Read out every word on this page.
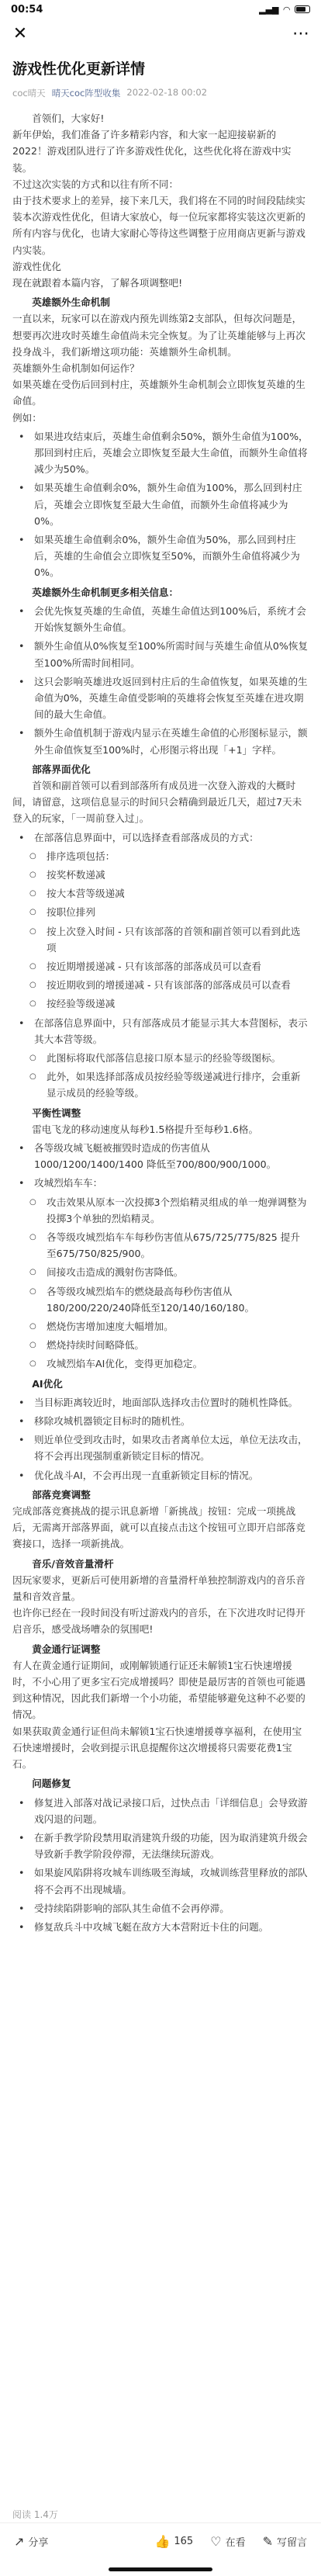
00:54	▂▄▆ ◠
✕	⋯
游戏性优化更新详情
coc晴天 晴天coc阵型收集 2022-02-18 00:02
首领们，大家好!
新年伊始，我们准备了许多精彩内容，和大家一起迎接崭新的2022！游戏团队进行了许多游戏性优化，这些优化将在游戏中实装。
不过这次实装的方式和以往有所不同：
由于技术要求上的差异，接下来几天，我们将在不同的时间段陆续实装本次游戏性优化，但请大家放心，每一位玩家都将实装这次更新的所有内容与优化，也请大家耐心等待这些调整于应用商店更新与游戏内实装。
游戏性优化
现在就跟着本篇内容，了解各项调整吧!
英雄额外生命机制
一直以来，玩家可以在游戏内预先训练第2支部队，但每次问题是，想要再次进攻时英雄生命值尚未完全恢复。为了让英雄能够与上再次投身战斗，我们新增这项功能：英雄额外生命机制。
英雄额外生命机制如何运作？
如果英雄在受伤后回到村庄，英雄额外生命机制会立即恢复英雄的生命值。
例如：
• 如果进攻结束后，英雄生命值剩余50%，额外生命值为100%，那回到村庄后，英雄会立即恢复至最大生命值，而额外生命值将减少为50%。
• 如果英雄生命值剩余0%，额外生命值为100%，那么回到村庄后，英雄会立即恢复至最大生命值，而额外生命值将减少为0%。
• 如果英雄生命值剩余0%，额外生命值为50%，那么回到村庄后，英雄的生命值会立即恢复至50%，而额外生命值将减少为0%。
英雄额外生命机制更多相关信息：
• 会优先恢复英雄的生命值，英雄生命值达到100%后，系统才会开始恢复额外生命值。
• 额外生命值从0%恢复至100%所需时间与英雄生命值从0%恢复至100%所需时间相同。
• 这只会影响英雄进攻返回到村庄后的生命值恢复，如果英雄的生命值为0%，英雄生命值受影响的英雄将会恢复至英雄在进攻期间的最大生命值。
• 额外生命值机制于游戏内显示在英雄生命值的心形图标显示，额外生命值恢复至100%时，心形图示将出现「+1」字样。
部落界面优化
首领和副首领可以看到部落所有成员进一次登入游戏的大概时间，请留意，这项信息显示的时间只会精确到最近几天，超过7天未登入的玩家，「一周前登入过」。
• 在部落信息界面中，可以选择查看部落成员的方式：
○ 排序选项包括：
○ 按奖杯数递减
○ 按大本营等级递减
○ 按职位排列
○ 按上次登入时间 - 只有该部落的首领和副首领可以看到此选项
○ 按近期增援递减 - 只有该部落的部落成员可以查看
○ 按近期收到的增援递减 - 只有该部落的部落成员可以查看
○ 按经验等级递减
• 在部落信息界面中，只有部落成员才能显示其大本营图标，表示其大本营等级。
○ 此图标将取代部落信息接口原本显示的经验等级图标。
○ 此外，如果选择部落成员按经验等级递减进行排序，会重新显示成员的经验等级。
平衡性调整
雷电飞龙的移动速度从每秒1.5格提升至每秒1.6格。
• 各等级攻城飞艇被摧毁时造成的伤害值从1000/1200/1400/1400 降低至700/800/900/1000。
• 攻城烈焰车车：
○ 攻击效果从原本一次投掷3个烈焰精灵组成的单一炮弹调整为投掷3个单独的烈焰精灵。
○ 各等级攻城烈焰车车每秒伤害值从675/725/775/825 提升至675/750/825/900。
○ 间接攻击造成的溅射伤害降低。
○ 各等级攻城烈焰车的燃烧最高每秒伤害值从180/200/220/240降低至120/140/160/180。
○ 燃烧伤害增加速度大幅增加。
○ 燃烧持续时间略降低。
○ 攻城烈焰车AI优化，变得更加稳定。
AI优化
• 当目标距离较近时，地面部队选择攻击位置时的随机性降低。
• 移除攻城机器锁定目标时的随机性。
• 则近单位受到攻击时，如果攻击者离单位太远，单位无法攻击，将不会再出现强制重新锁定目标的情况。
• 优化战斗AI，不会再出现一直重新锁定目标的情况。
部落竞赛调整
完成部落竞赛挑战的提示讯息新增「新挑战」按钮：完成一项挑战后，无需离开部落界面，就可以直接点击这个按钮可立即开启部落竞赛接口，选择一项新挑战。
音乐/音效音量滑杆
因玩家要求，更新后可使用新增的音量滑杆单独控制游戏内的音乐音量和音效音量。
也许你已经在一段时间没有听过游戏内的音乐，在下次进攻时记得开启音乐，感受战场嘈杂的氛围吧!
黄金通行证调整
有人在黄金通行证期间，或刚解锁通行证还未解锁1宝石快速增援时，不小心用了更多宝石完成增援吗？即使是最厉害的首领也可能遇到这种情况，因此我们新增一个小功能，希望能够避免这种不必要的情况。
如果获取黄金通行证但尚未解锁1宝石快速增援尊享福利，在使用宝石快速增援时，会收到提示讯息提醒你这次增援将只需要花费1宝石。
问题修复
• 修复进入部落对战记录接口后，过快点击「详细信息」会导致游戏闪退的问题。
• 在新手教学阶段禁用取消建筑升级的功能，因为取消建筑升级会导致新手教学阶段停滞，无法继续玩游戏。
• 如果旋风陷阱将攻城车训练吸至海域，攻城训练营里释放的部队将不会再不出现城墙。
• 受持续陷阱影响的部队其生命值不会再停滞。
• 修复敌兵斗中攻城飞艇在敌方大本营附近卡住的问题。
阅读 1.4万
↗ 分享	👍 165 ♡ 在看 ✎ 写留言
